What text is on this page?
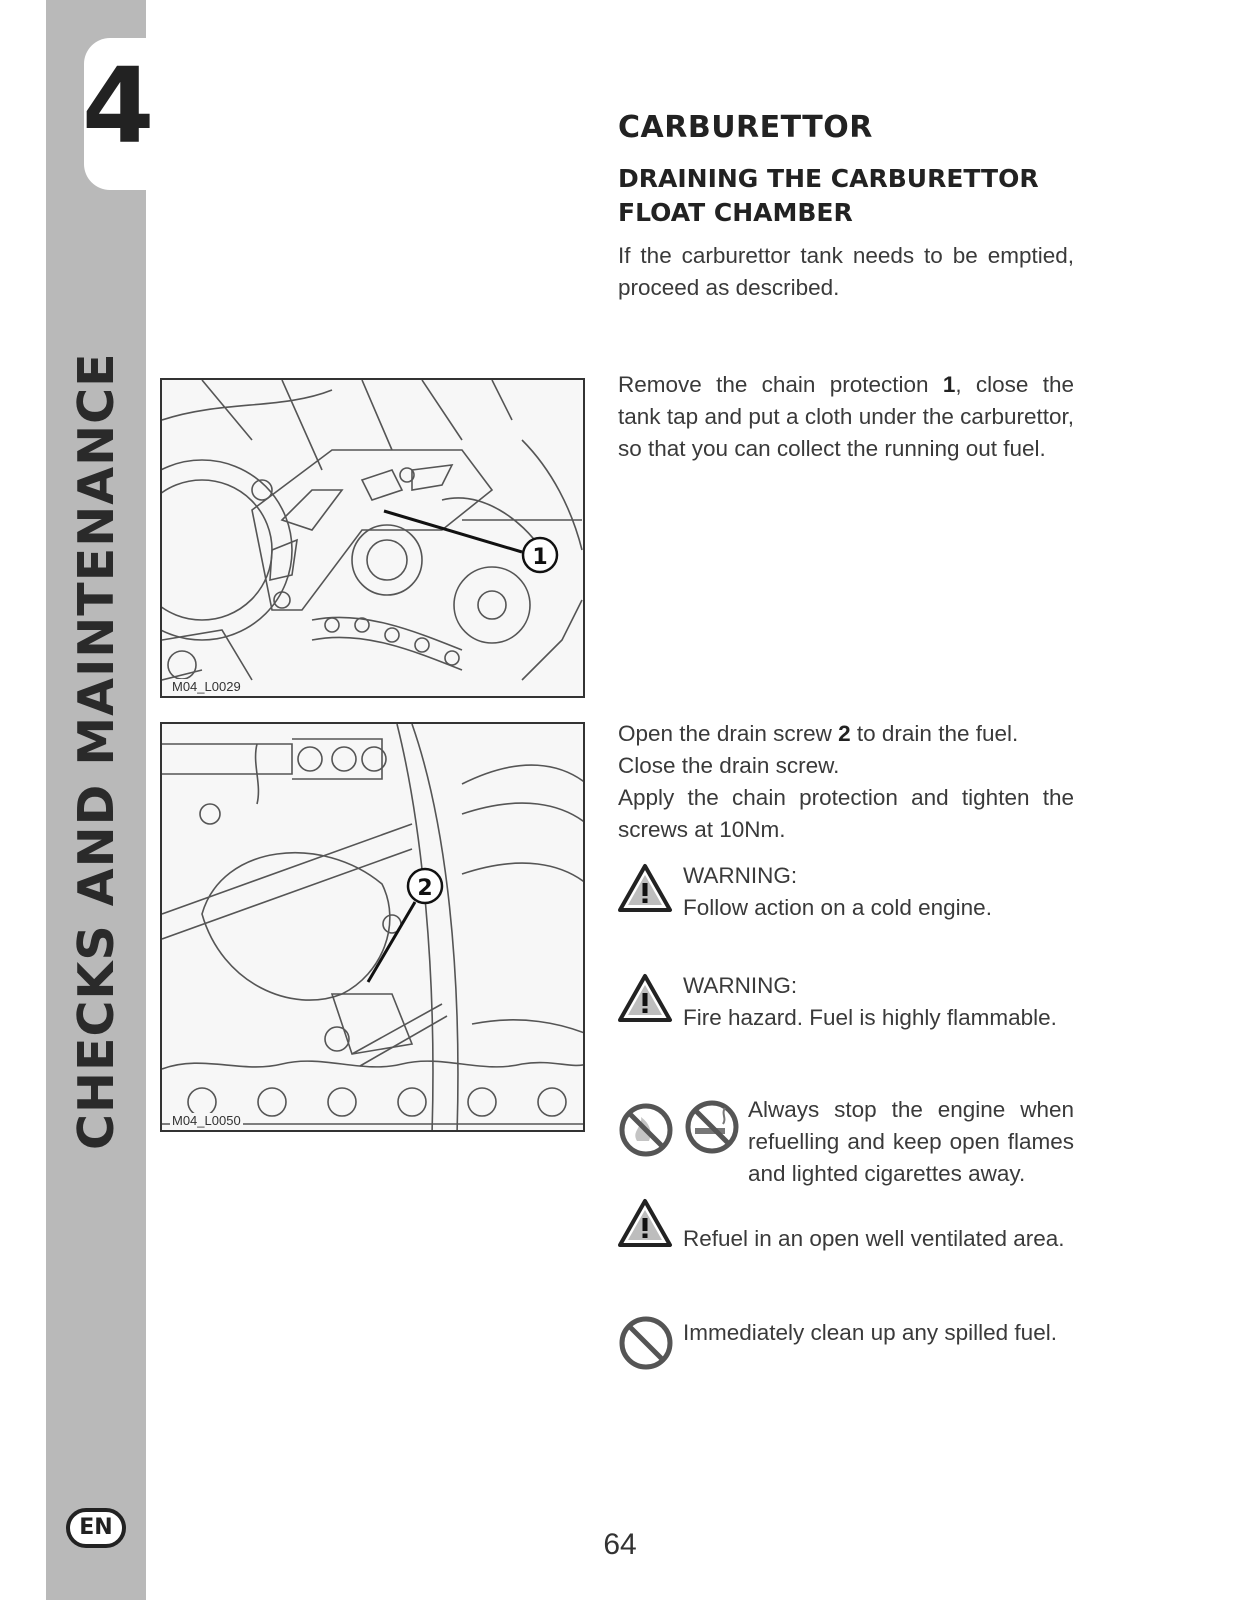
4
CHECKS AND MAINTENANCE
EN
CARBURETTOR
DRAINING THE CARBURETTOR FLOAT CHAMBER
If the carburettor tank needs to be emptied, proceed as described.
1
M04_L0029
2
M04_L0050
Remove the chain protection 1, close the tank tap and put a cloth under the carburettor, so that you can collect the running out fuel.
Open the drain screw 2 to drain the fuel.
Close the drain screw.
Apply the chain protection and tighten the screws at 10Nm.
WARNING:
Follow action on a cold engine.
WARNING:
Fire hazard. Fuel is highly flammable.
Always stop the engine when refuelling and keep open flames and lighted cigarettes away.
Refuel in an open well ventilated area.
Immediately clean up any spilled fuel.
64
